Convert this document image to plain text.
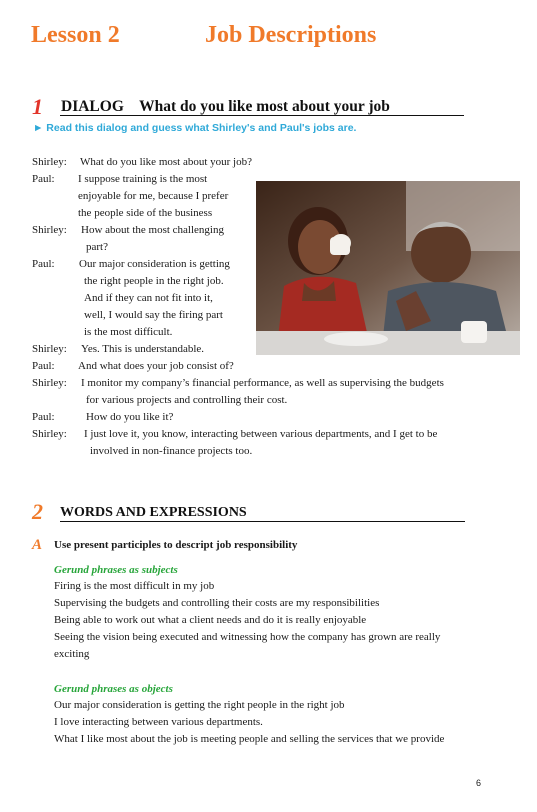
Lesson 2	Job Descriptions
1 DIALOG    What do you like most about your job
► Read this dialog and guess what Shirley's and Paul's jobs are.
Shirley: What do you like most about your job?
Paul: I suppose training is the most
enjoyable for me, because I prefer
the people side of the business
Shirley: How about the most challenging
part?
Paul: Our major consideration is getting
the right people in the right job.
And if they can not fit into it,
well, I would say the firing part
is the most difficult.
Shirley: Yes. This is understandable.
Paul: And what does your job consist of?
Shirley: I monitor my company’s financial performance, as well as supervising the budgets
for various projects and controlling their cost.
Paul:	How do you like it?
Shirley: I just love it, you know, interacting between various departments, and I get to be
involved in non-finance projects too.
2 WORDS AND EXPRESSIONS
A Use present participles to descript job responsibility
Gerund phrases as subjects
Firing is the most difficult in my job
Supervising the budgets and controlling their costs are my responsibilities
Being able to work out what a client needs and do it is really enjoyable
Seeing the vision being executed and witnessing how the company has grown are really
exciting
Gerund phrases as objects
Our major consideration is getting the right people in the right job
I love interacting between various departments.
What I like most about the job is meeting people and selling the services that we provide
6
